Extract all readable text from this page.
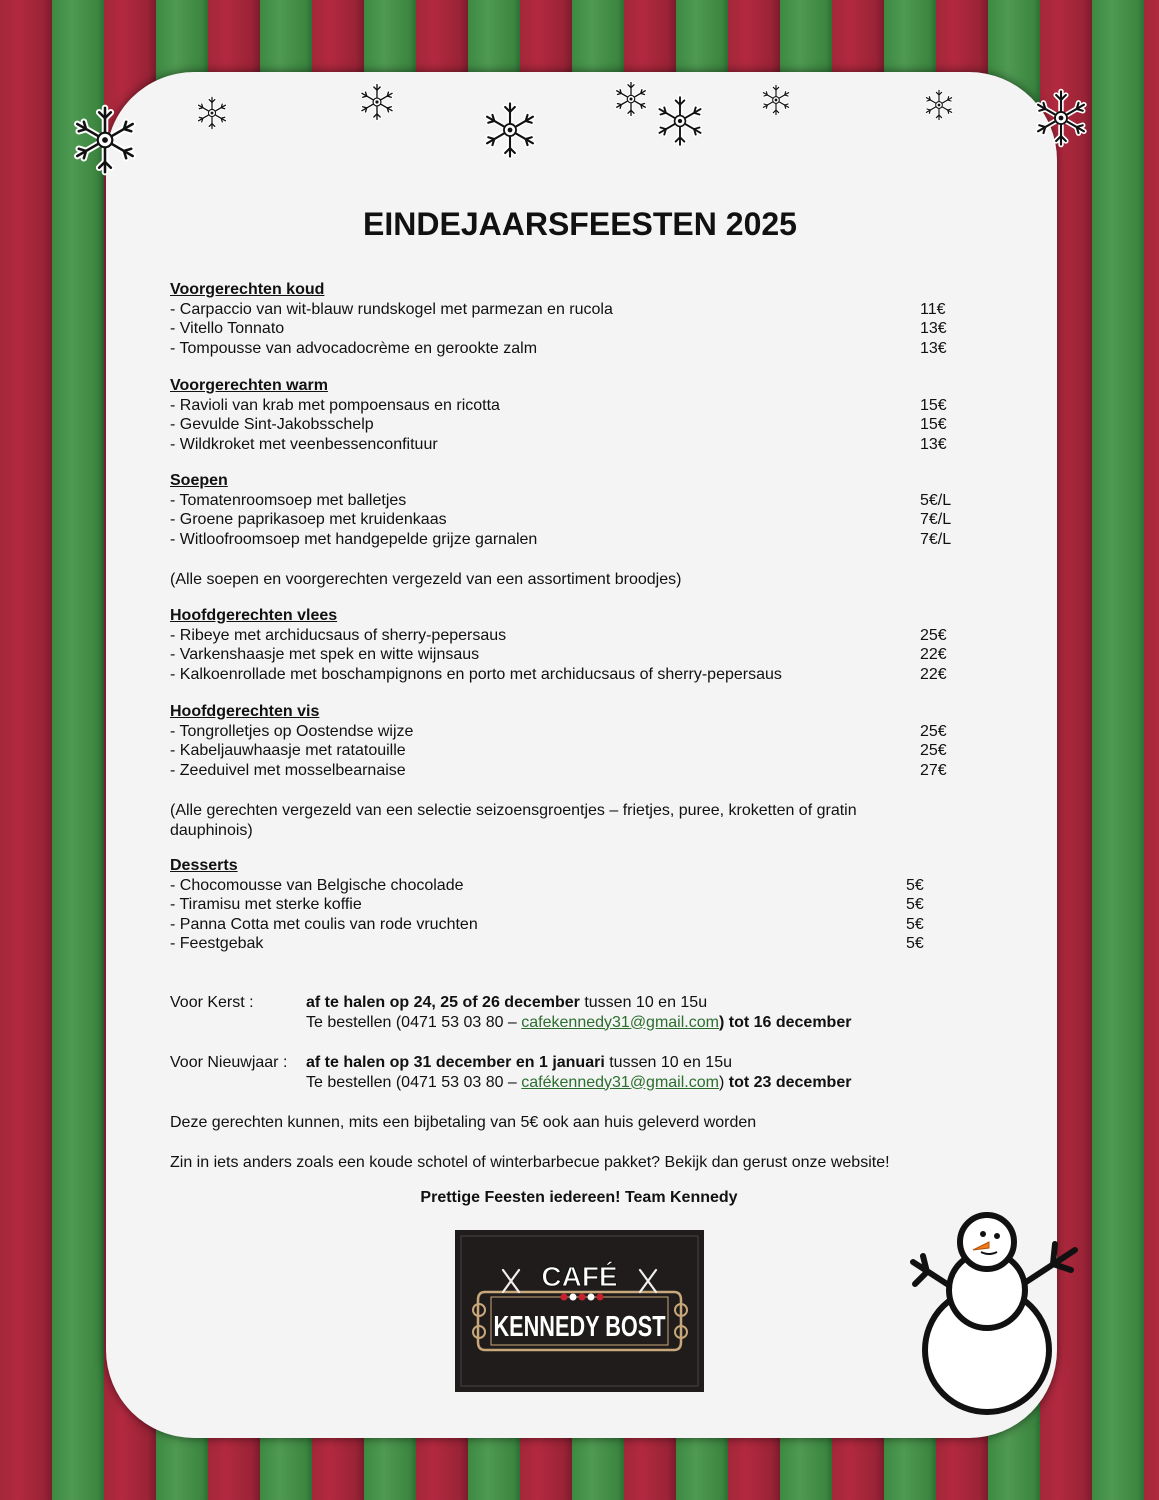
EINDEJAARSFEESTEN 2025
Voorgerechten koud
- Carpaccio van wit-blauw rundskogel met parmezan en rucola	11€
- Vitello Tonnato	13€
- Tompousse van advocadocrème en gerookte zalm	13€
Voorgerechten warm
- Ravioli van krab met pompoensaus en ricotta	15€
- Gevulde Sint-Jakobsschelp	15€
- Wildkroket met veenbessenconfituur	13€
Soepen
- Tomatenroomsoep met balletjes	5€/L
- Groene paprikasoep met kruidenkaas	7€/L
- Witloofroomsoep met handgepelde grijze garnalen	7€/L
(Alle soepen en voorgerechten vergezeld van een assortiment broodjes)
Hoofdgerechten vlees
- Ribeye met archiducsaus of sherry-pepersaus	25€
- Varkenshaasje met spek en witte wijnsaus	22€
- Kalkoenrollade met boschampignons en porto met archiducsaus of sherry-pepersaus	22€
Hoofdgerechten vis
- Tongrolletjes op Oostendse wijze	25€
- Kabeljauwhaasje met ratatouille	25€
- Zeeduivel met mosselbearnaise	27€
(Alle gerechten vergezeld van een selectie seizoensgroentjes – frietjes, puree, kroketten of gratin dauphinois)
Desserts
- Chocomousse van Belgische chocolade	5€
- Tiramisu met sterke koffie	5€
- Panna Cotta met coulis van rode vruchten	5€
- Feestgebak	5€
Voor Kerst :	af te halen op 24, 25 of 26 december tussen 10 en 15u
Te bestellen (0471 53 03 80 – cafekennedy31@gmail.com) tot 16 december
Voor Nieuwjaar : af te halen op 31 december en 1 januari tussen 10 en 15u
Te bestellen (0471 53 03 80 – cafékennedy31@gmail.com) tot 23 december
Deze gerechten kunnen, mits een bijbetaling van 5€ ook aan huis geleverd worden
Zin in iets anders zoals een koude schotel of winterbarbecue pakket? Bekijk dan gerust onze website!
Prettige Feesten iedereen! Team Kennedy
CAFÉ
KENNEDY BOST
